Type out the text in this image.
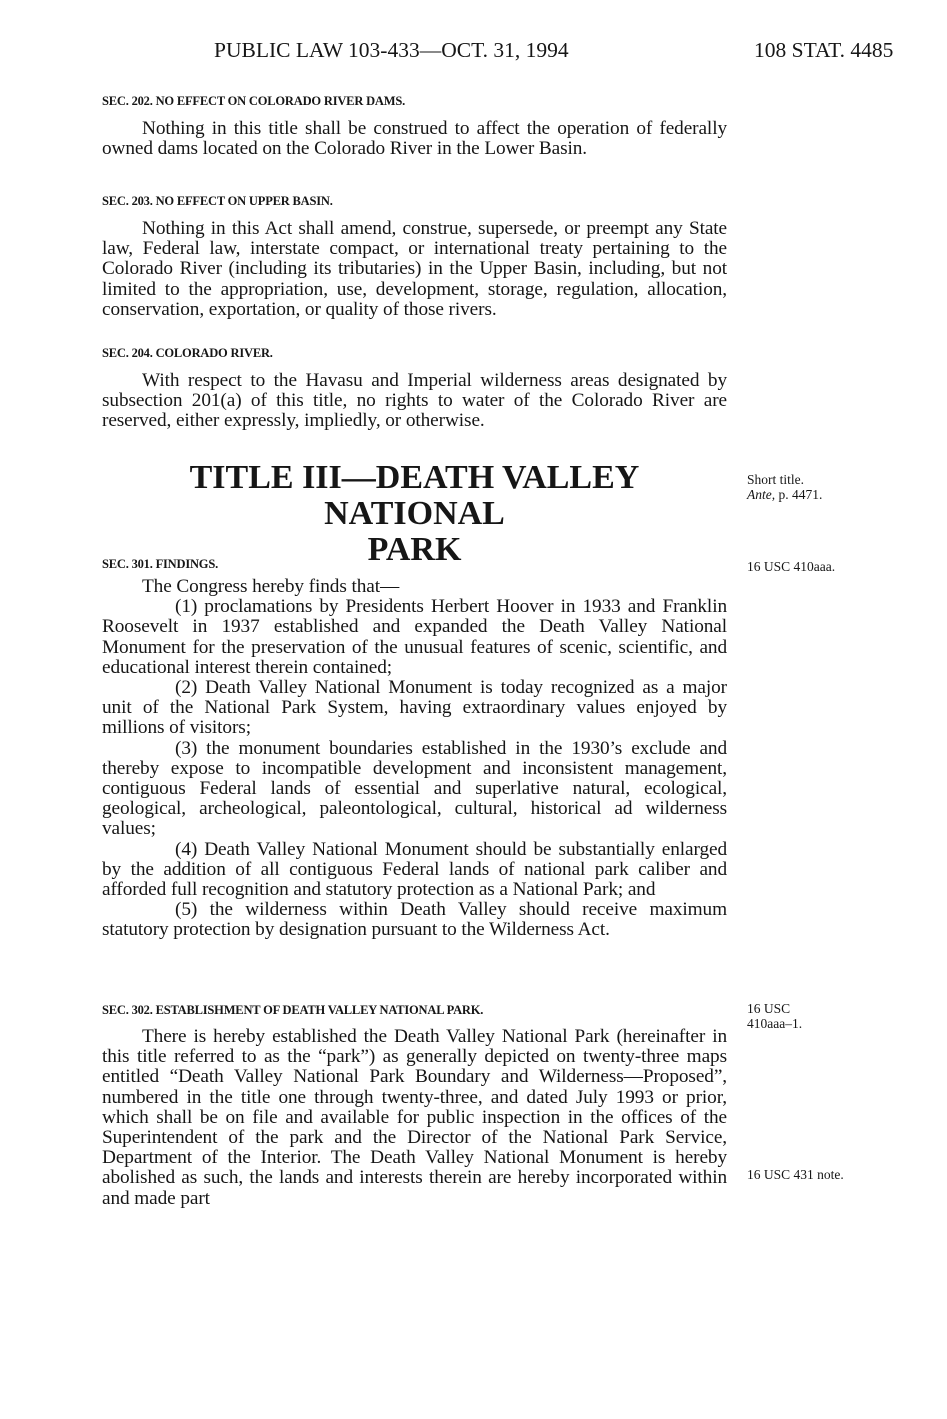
PUBLIC LAW 103-433—OCT. 31, 1994	108 STAT. 4485
SEC. 202. NO EFFECT ON COLORADO RIVER DAMS.

Nothing in this title shall be construed to affect the operation of federally owned dams located on the Colorado River in the Lower Basin.

SEC. 203. NO EFFECT ON UPPER BASIN.

Nothing in this Act shall amend, construe, supersede, or preempt any State law, Federal law, interstate compact, or international treaty pertaining to the Colorado River (including its tributaries) in the Upper Basin, including, but not limited to the appropriation, use, development, storage, regulation, allocation, conservation, exportation, or quality of those rivers.

SEC. 204. COLORADO RIVER.

With respect to the Havasu and Imperial wilderness areas designated by subsection 201(a) of this title, no rights to water of the Colorado River are reserved, either expressly, impliedly, or otherwise.

TITLE III—DEATH VALLEY NATIONAL
PARK
Short title.
Ante, p. 4471.
SEC. 301. FINDINGS.

The Congress hereby finds that—

(1) proclamations by Presidents Herbert Hoover in 1933 and Franklin Roosevelt in 1937 established and expanded the Death Valley National Monument for the preservation of the unusual features of scenic, scientific, and educational interest therein contained;

(2) Death Valley National Monument is today recognized as a major unit of the National Park System, having extraordinary values enjoyed by millions of visitors;

(3) the monument boundaries established in the 1930’s exclude and thereby expose to incompatible development and inconsistent management, contiguous Federal lands of essential and superlative natural, ecological, geological, archeological, paleontological, cultural, historical ad wilderness values;

(4) Death Valley National Monument should be substantially enlarged by the addition of all contiguous Federal lands of national park caliber and afforded full recognition and statutory protection as a National Park; and

(5) the wilderness within Death Valley should receive maximum statutory protection by designation pursuant to the Wilderness Act.

16 USC 410aaa.
SEC. 302. ESTABLISHMENT OF DEATH VALLEY NATIONAL PARK.

There is hereby established the Death Valley National Park (hereinafter in this title referred to as the “park”) as generally depicted on twenty-three maps entitled “Death Valley National Park Boundary and Wilderness—Proposed”, numbered in the title one through twenty-three, and dated July 1993 or prior, which shall be on file and available for public inspection in the offices of the Superintendent of the park and the Director of the National Park Service, Department of the Interior. The Death Valley National Monument is hereby abolished as such, the lands and interests therein are hereby incorporated within and made part

16 USC
410aaa–1.
16 USC 431 note.
